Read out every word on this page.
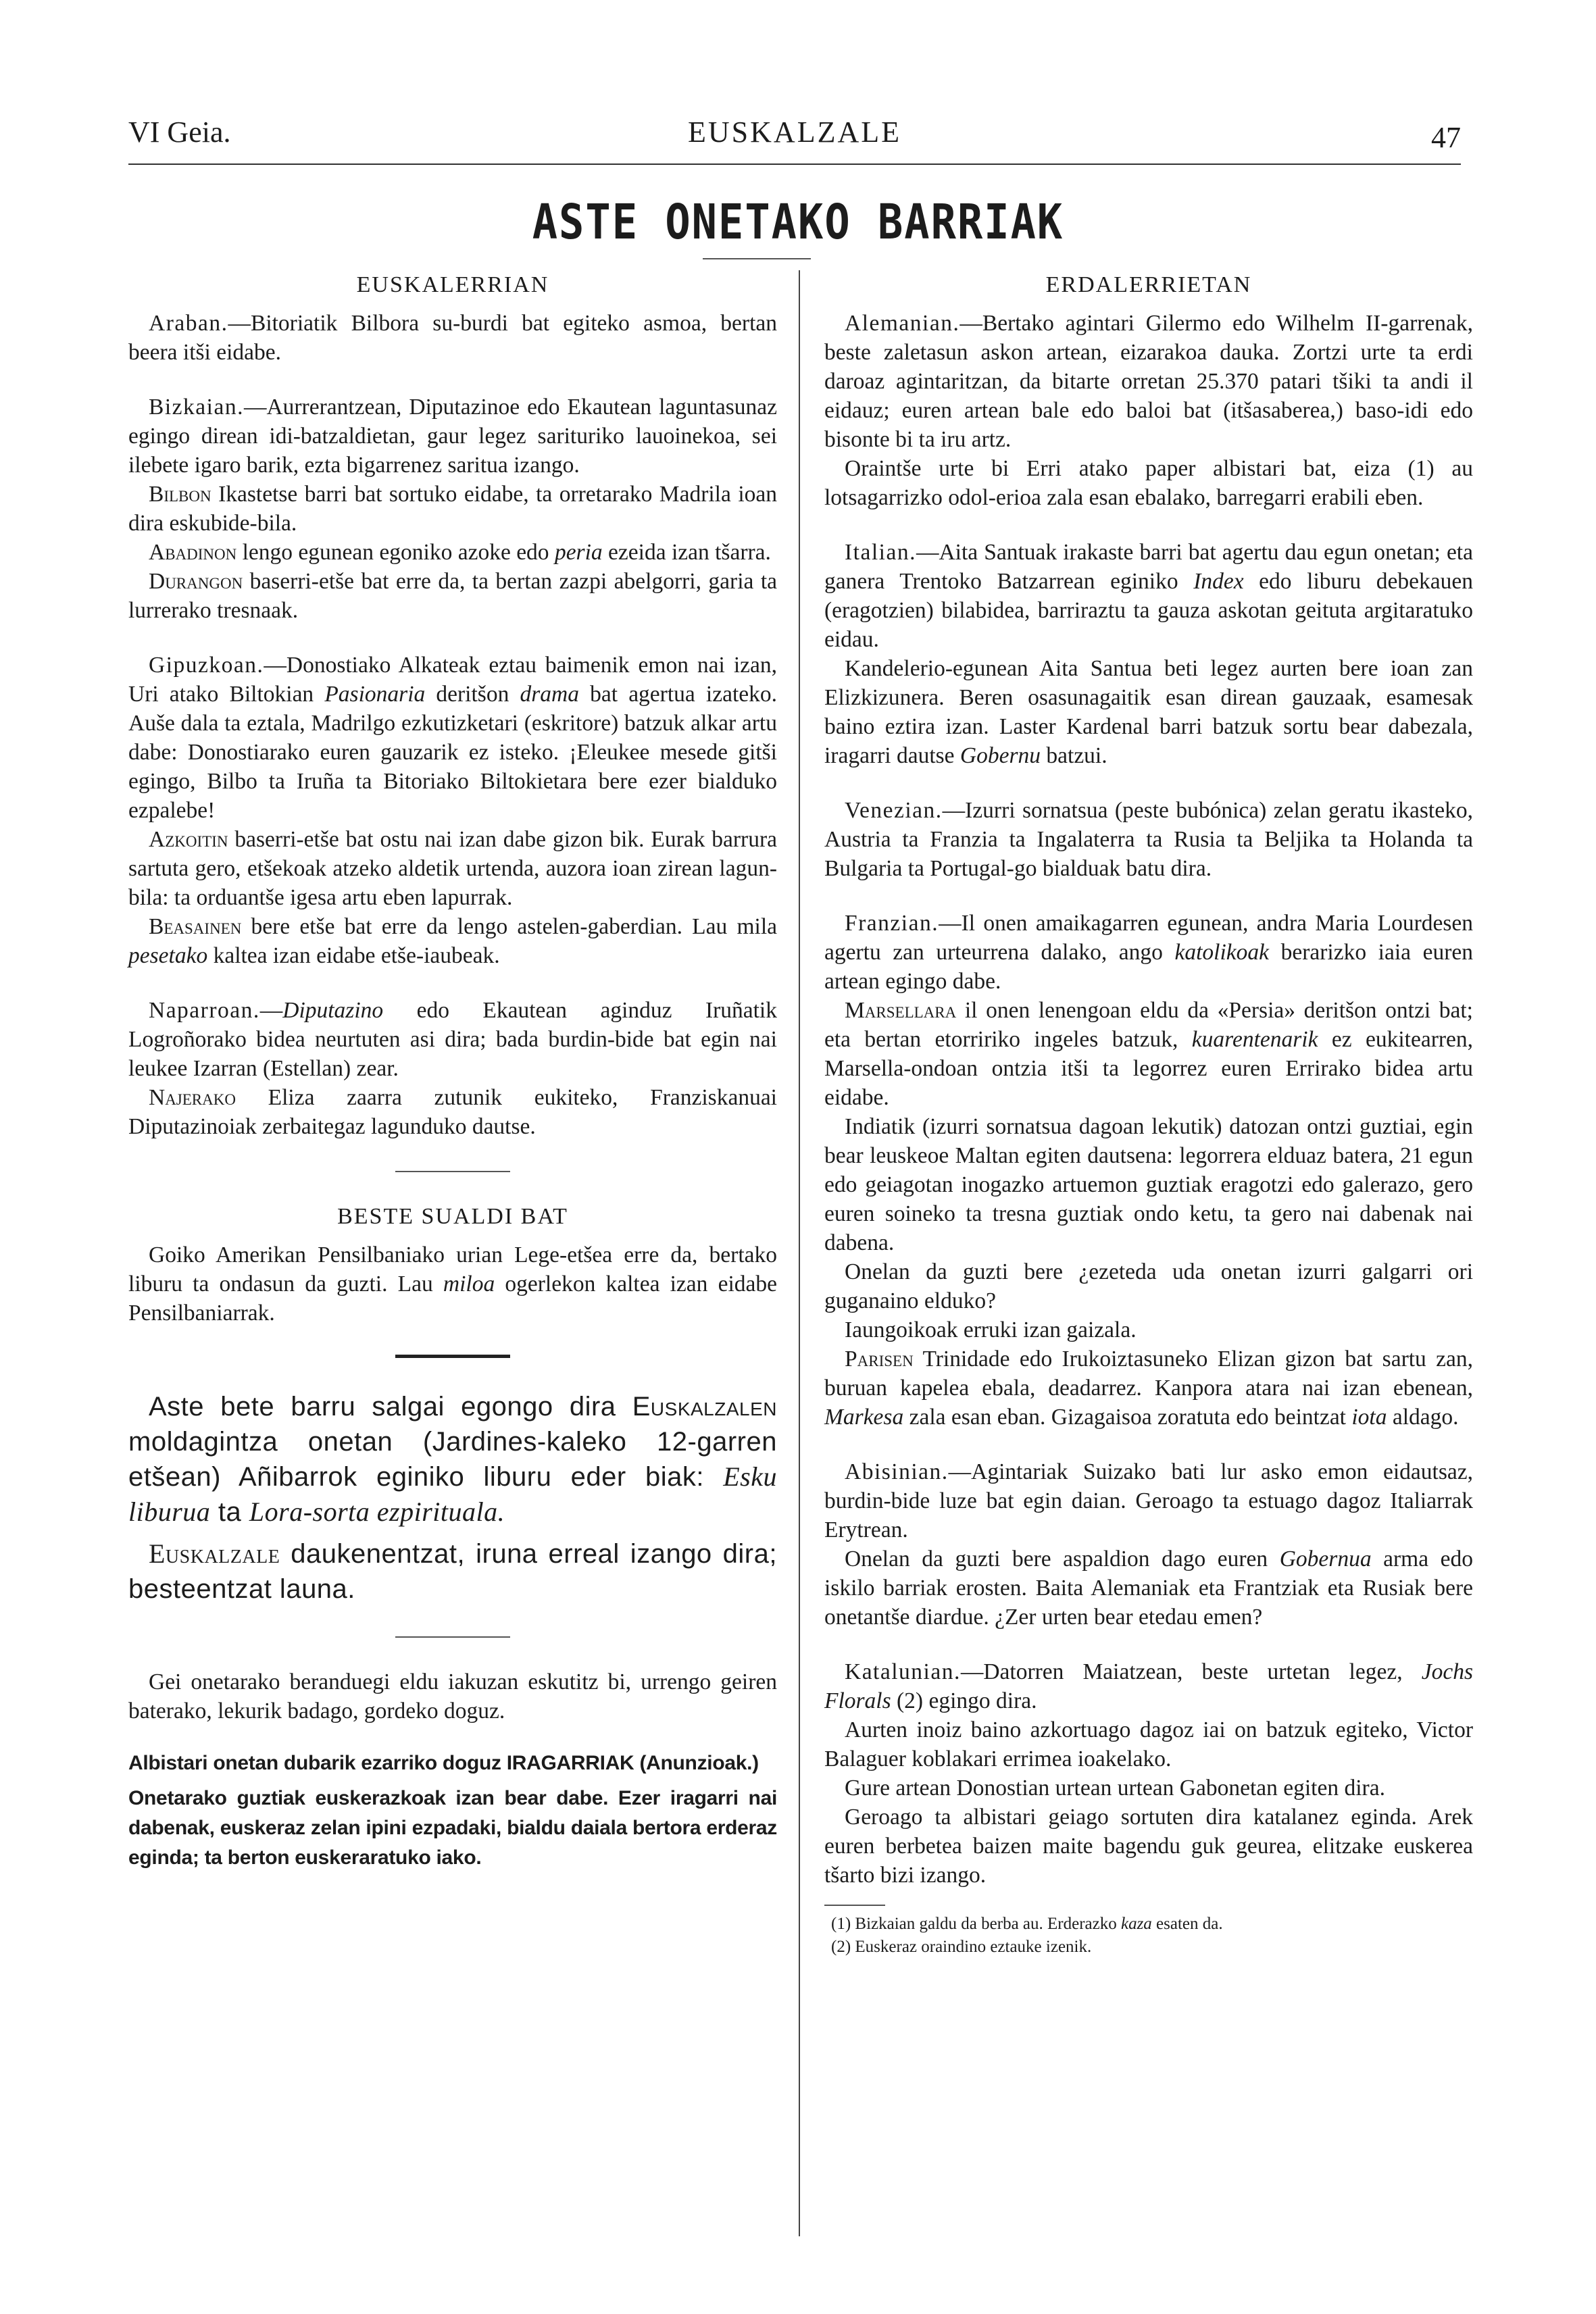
VI Geia.	EUSKALZALE	47
ASTE ONETAKO BARRIAK

EUSKALERRIAN

Araban.—Bitoriatik Bilbora su-burdi bat egiteko asmoa, bertan beera itši eidabe.

Bizkaian.—Aurrerantzean, Diputazinoe edo Ekautean laguntasunaz egingo direan idi-batzaldietan, gaur legez sarituriko lauoinekoa, sei ilebete igaro barik, ezta bigarrenez saritua izango.

Bilbon Ikastetse barri bat sortuko eidabe, ta orretarako Madrila ioan dira eskubide-bila.

Abadinon lengo egunean egoniko azoke edo peria ezeida izan tšarra.

Durangon baserri-etše bat erre da, ta bertan zazpi abelgorri, garia ta lurrerako tresnaak.

Gipuzkoan.—Donostiako Alkateak eztau baimenik emon nai izan, Uri atako Biltokian Pasionaria deritšon drama bat agertua izateko. Auše dala ta eztala, Madrilgo ezkutizketari (eskritore) batzuk alkar artu dabe: Donostiarako euren gauzarik ez isteko. ¡Eleukee mesede gitši egingo, Bilbo ta Iruña ta Bitoriako Biltokietara bere ezer bialduko ezpalebe!

Azkoitin baserri-etše bat ostu nai izan dabe gizon bik. Eurak barrura sartuta gero, etšekoak atzeko aldetik urtenda, auzora ioan zirean lagun-bila: ta orduantše igesa artu eben lapurrak.

Beasainen bere etše bat erre da lengo astelen-gaberdian. Lau mila pesetako kaltea izan eidabe etše-iaubeak.

Naparroan.—Diputazino edo Ekautean aginduz Iruñatik Logroñorako bidea neurtuten asi dira; bada burdin-bide bat egin nai leukee Izarran (Estellan) zear.

Najerako Eliza zaarra zutunik eukiteko, Franziskanuai Diputazinoiak zerbaitegaz lagunduko dautse.

BESTE SUALDI BAT

Goiko Amerikan Pensilbaniako urian Lege-etšea erre da, bertako liburu ta ondasun da guzti. Lau miloa ogerlekon kaltea izan eidabe Pensilbaniarrak.

Aste bete barru salgai egongo dira Euskalzalen moldagintza onetan (Jardines-kaleko 12-garren etšean) Añibarrok eginiko liburu eder biak: Esku liburua ta Lora-sorta ezpirituala.

Euskalzale daukenentzat, iruna erreal izango dira; besteentzat launa.

Gei onetarako beranduegi eldu iakuzan eskutitz bi, urrengo geiren baterako, lekurik badago, gordeko doguz.

Albistari onetan dubarik ezarriko doguz IRAGARRIAK (Anunzioak.)

Onetarako guztiak euskerazkoak izan bear dabe. Ezer iragarri nai dabenak, euskeraz zelan ipini ezpadaki, bialdu daiala bertora erderaz eginda; ta berton euskeraratuko iako.

ERDALERRIETAN

Alemanian.—Bertako agintari Gilermo edo Wilhelm II-garrenak, beste zaletasun askon artean, eizarakoa dauka. Zortzi urte ta erdi daroaz agintaritzan, da bitarte orretan 25.370 patari tšiki ta andi il eidauz; euren artean bale edo baloi bat (itšasaberea,) baso-idi edo bisonte bi ta iru artz.

Oraintše urte bi Erri atako paper albistari bat, eiza (1) au lotsagarrizko odol-erioa zala esan ebalako, barregarri erabili eben.

Italian.—Aita Santuak irakaste barri bat agertu dau egun onetan; eta ganera Trentoko Batzarrean eginiko Index edo liburu debekauen (eragotzien) bilabidea, barriraztu ta gauza askotan geituta argitaratuko eidau.

Kandelerio-egunean Aita Santua beti legez aurten bere ioan zan Elizkizunera. Beren osasunagaitik esan direan gauzaak, esamesak baino eztira izan. Laster Kardenal barri batzuk sortu bear dabezala, iragarri dautse Gobernu batzui.

Venezian.—Izurri sornatsua (peste bubónica) zelan geratu ikasteko, Austria ta Franzia ta Ingalaterra ta Rusia ta Beljika ta Holanda ta Bulgaria ta Portugal-go bialduak batu dira.

Franzian.—Il onen amaikagarren egunean, andra Maria Lourdesen agertu zan urteurrena dalako, ango katolikoak berarizko iaia euren artean egingo dabe.

Marsellara il onen lenengoan eldu da «Persia» deritšon ontzi bat; eta bertan etorririko ingeles batzuk, kuarentenarik ez eukitearren, Marsella-ondoan ontzia itši ta legorrez euren Errirako bidea artu eidabe.

Indiatik (izurri sornatsua dagoan lekutik) datozan ontzi guztiai, egin bear leuskeoe Maltan egiten dautsena: legorrera elduaz batera, 21 egun edo geiagotan inogazko artuemon guztiak eragotzi edo galerazo, gero euren soineko ta tresna guztiak ondo ketu, ta gero nai dabenak nai dabena.

Onelan da guzti bere ¿ezeteda uda onetan izurri galgarri ori guganaino elduko?

Iaungoikoak erruki izan gaizala.

Parisen Trinidade edo Irukoiztasuneko Elizan gizon bat sartu zan, buruan kapelea ebala, deadarrez. Kanpora atara nai izan ebenean, Markesa zala esan eban. Gizagaisoa zoratuta edo beintzat iota aldago.

Abisinian.—Agintariak Suizako bati lur asko emon eidautsaz, burdin-bide luze bat egin daian. Geroago ta estuago dagoz Italiarrak Erytrean.

Onelan da guzti bere aspaldion dago euren Gobernua arma edo iskilo barriak erosten. Baita Alemaniak eta Frantziak eta Rusiak bere onetantše diardue. ¿Zer urten bear etedau emen?

Katalunian.—Datorren Maiatzean, beste urtetan legez, Jochs Florals (2) egingo dira.

Aurten inoiz baino azkortuago dagoz iai on batzuk egiteko, Victor Balaguer koblakari errimea ioakelako.

Gure artean Donostian urtean urtean Gabonetan egiten dira.

Geroago ta albistari geiago sortuten dira katalanez eginda. Arek euren berbetea baizen maite bagendu guk geurea, elitzake euskerea tšarto bizi izango.

(1) Bizkaian galdu da berba au. Erderazko kaza esaten da.

(2) Euskeraz oraindino eztauke izenik.
